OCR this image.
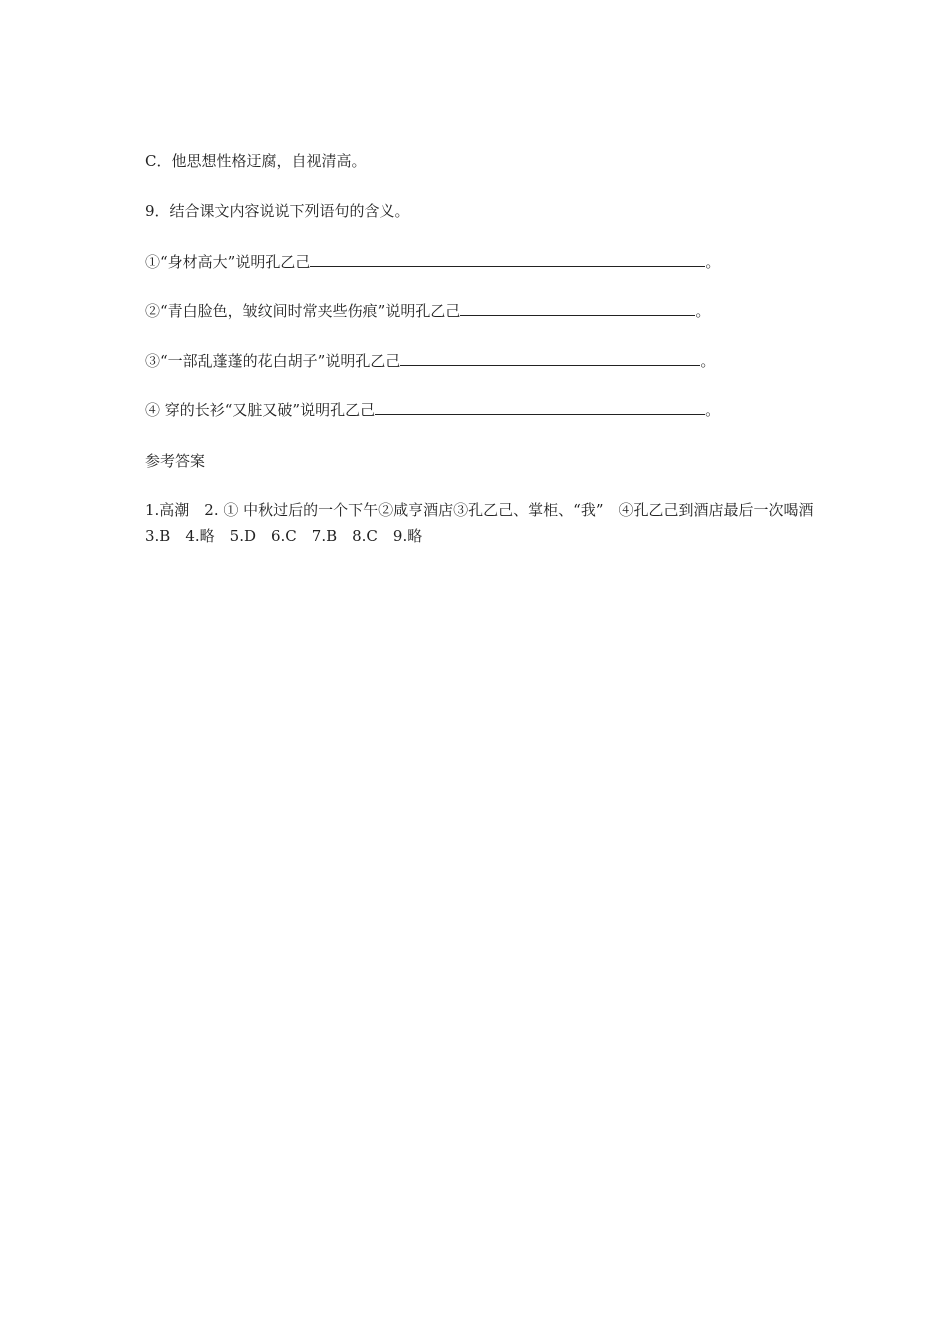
C．他思想性格迂腐，自视清高。
9．结合课文内容说说下列语句的含义。
①“身材高大”说明孔乙己	。
②“青白脸色，皱纹间时常夹些伤痕”说明孔乙己	。
③“一部乱蓬蓬的花白胡子”说明孔乙己	。
④ 穿的长衫“又脏又破”说明孔乙己	。
参考答案
1.高潮　2. ① 中秋过后的一个下午②咸亨酒店③孔乙己、掌柜、“我”　④孔乙己到酒店最后一次喝酒　3.B　4.略　5.D　6.C　7.B　8.C　9.略
